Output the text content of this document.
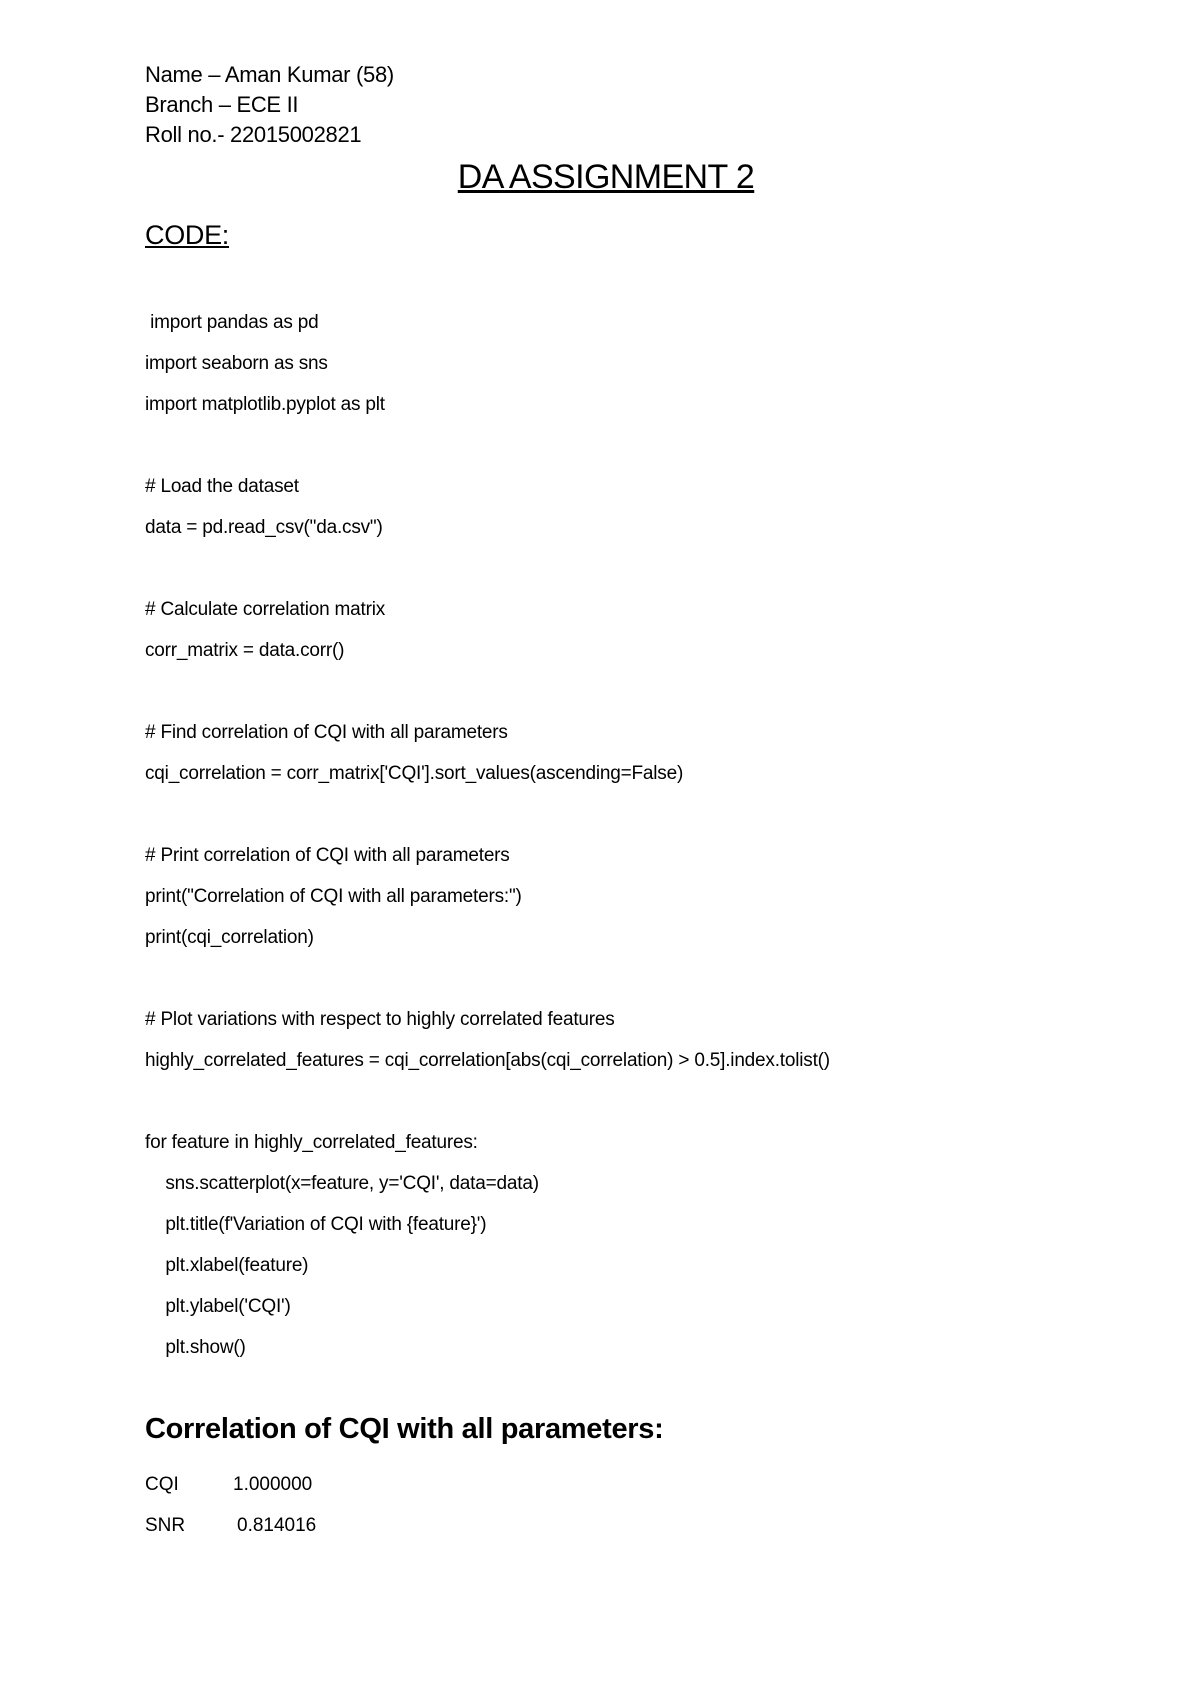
Name – Aman Kumar (58)
Branch – ECE II
Roll no.- 22015002821
DA ASSIGNMENT 2
CODE:
import pandas as pd
import seaborn as sns
import matplotlib.pyplot as plt
# Load the dataset
data = pd.read_csv("da.csv")
# Calculate correlation matrix
corr_matrix = data.corr()
# Find correlation of CQI with all parameters
cqi_correlation = corr_matrix['CQI'].sort_values(ascending=False)
# Print correlation of CQI with all parameters
print("Correlation of CQI with all parameters:")
print(cqi_correlation)
# Plot variations with respect to highly correlated features
highly_correlated_features = cqi_correlation[abs(cqi_correlation) > 0.5].index.tolist()
for feature in highly_correlated_features:
sns.scatterplot(x=feature, y='CQI', data=data)
plt.title(f'Variation of CQI with {feature}')
plt.xlabel(feature)
plt.ylabel('CQI')
plt.show()
Correlation of CQI with all parameters:
CQI	1.000000
SNR	0.814016
